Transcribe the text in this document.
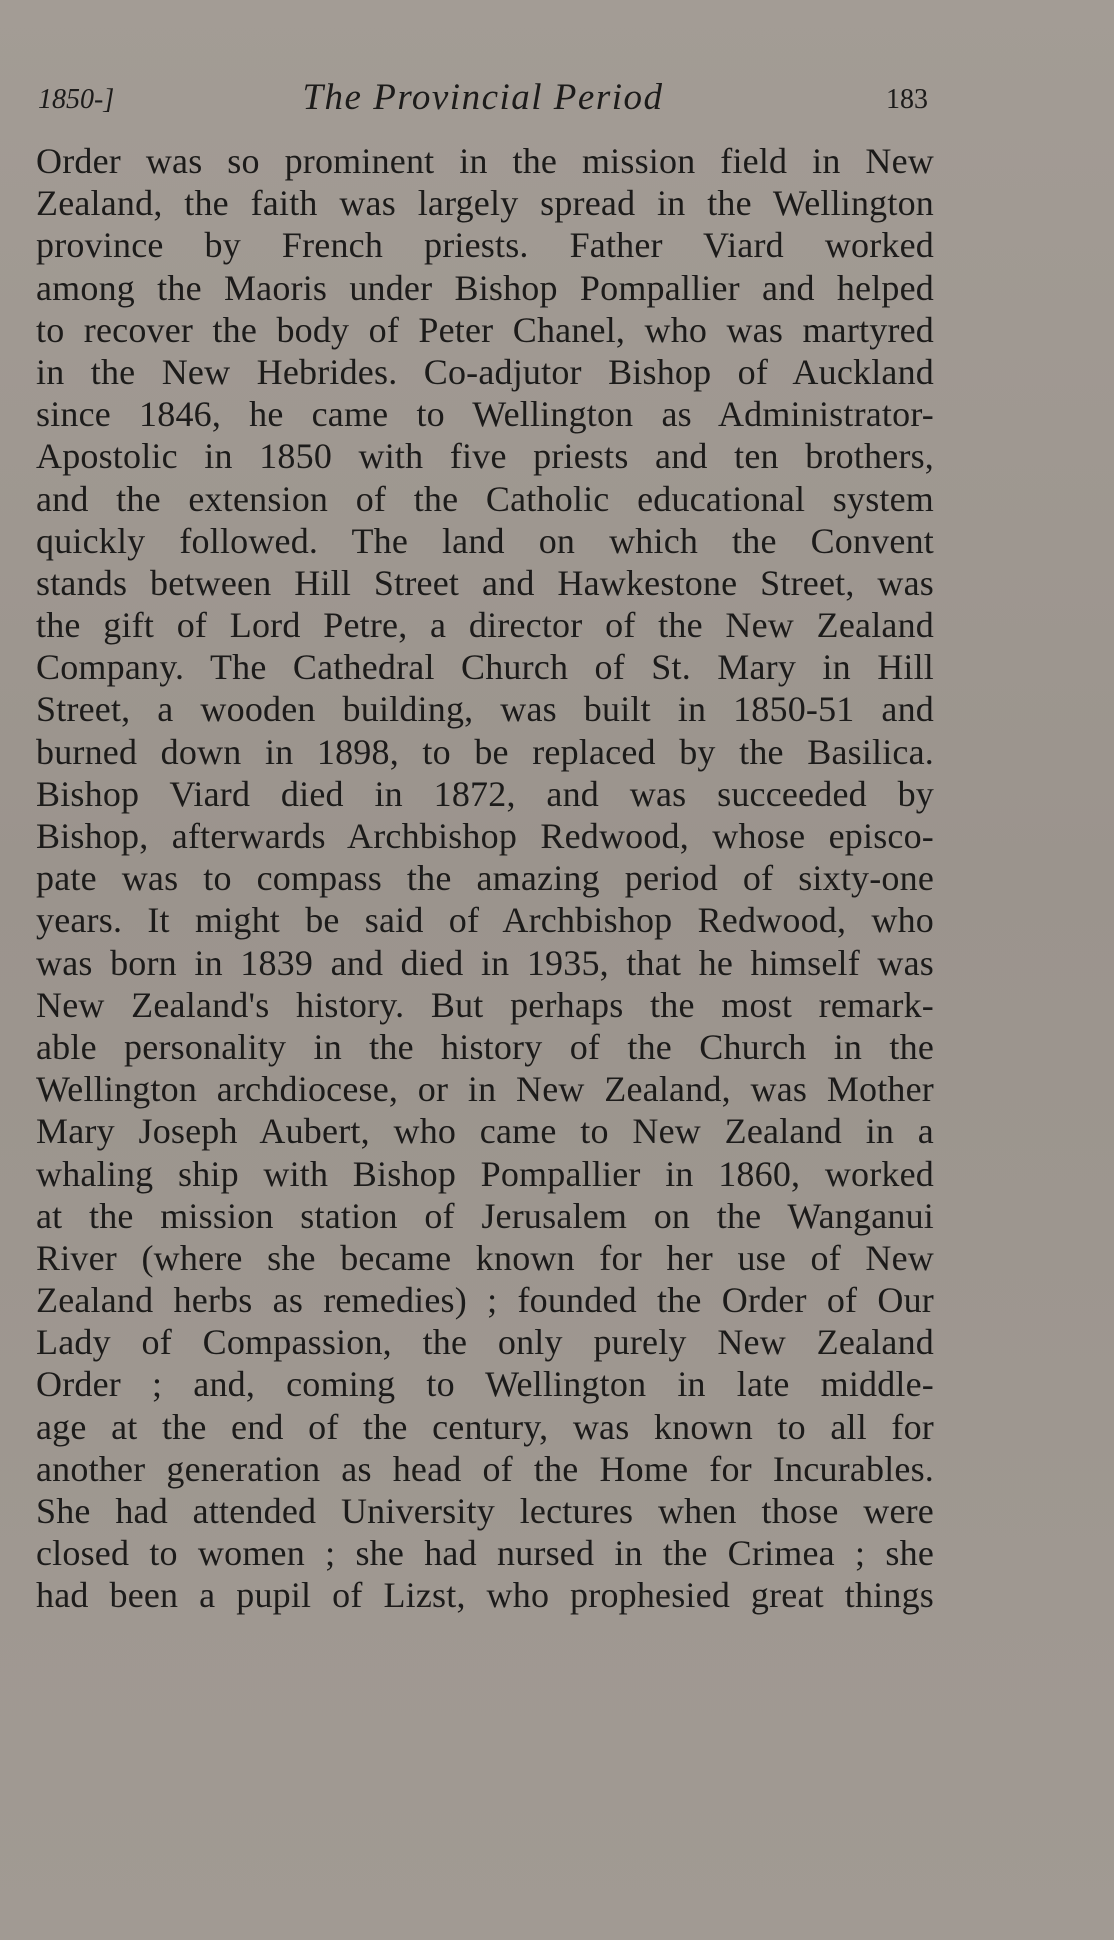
1850-]	The Provincial Period	183
Order was so prominent in the mission field in New
Zealand, the faith was largely spread in the Wellington
province by French priests. Father Viard worked
among the Maoris under Bishop Pompallier and helped
to recover the body of Peter Chanel, who was martyred
in the New Hebrides. Co-adjutor Bishop of Auckland
since 1846, he came to Wellington as Administrator-
Apostolic in 1850 with five priests and ten brothers,
and the extension of the Catholic educational system
quickly followed. The land on which the Convent
stands between Hill Street and Hawkestone Street, was
the gift of Lord Petre, a director of the New Zealand
Company. The Cathedral Church of St. Mary in Hill
Street, a wooden building, was built in 1850-51 and
burned down in 1898, to be replaced by the Basilica.
Bishop Viard died in 1872, and was succeeded by
Bishop, afterwards Archbishop Redwood, whose episco-
pate was to compass the amazing period of sixty-one
years. It might be said of Archbishop Redwood, who
was born in 1839 and died in 1935, that he himself was
New Zealand's history. But perhaps the most remark-
able personality in the history of the Church in the
Wellington archdiocese, or in New Zealand, was Mother
Mary Joseph Aubert, who came to New Zealand in a
whaling ship with Bishop Pompallier in 1860, worked
at the mission station of Jerusalem on the Wanganui
River (where she became known for her use of New
Zealand herbs as remedies) ; founded the Order of Our
Lady of Compassion, the only purely New Zealand
Order ; and, coming to Wellington in late middle-
age at the end of the century, was known to all for
another generation as head of the Home for Incurables.
She had attended University lectures when those were
closed to women ; she had nursed in the Crimea ; she
had been a pupil of Lizst, who prophesied great things
